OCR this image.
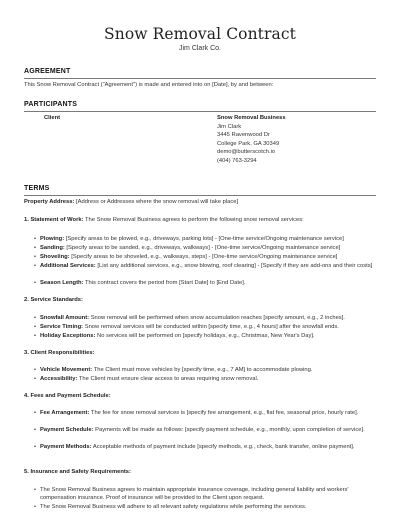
Snow Removal Contract
Jim Clark Co.
AGREEMENT
This Snow Removal Contract ("Agreement") is made and entered into on [Date], by and between:
PARTICIPANTS
Client	Snow Removal Business
Jim Clark
3445 Ravenwood Dr
College Park, GA 30349
demo@butterscotch.io
(404) 763-3294
TERMS
Property Address: [Address or Addresses where the snow removal will take place]
1. Statement of Work: The Snow Removal Business agrees to perform the following snow removal services:
• Plowing: [Specify areas to be plowed, e.g., driveways, parking lots] - [One-time service/Ongoing maintenance service]
• Sanding: [Specify areas to be sanded, e.g., driveways, walkways] - [One-time service/Ongoing maintenance service]
• Shoveling: [Specify areas to be shoveled, e.g., walkways, steps] - [One-time service/Ongoing maintenance service]
• Additional Services: [List any additional services, e.g., snow blowing, roof clearing] - [Specify if they are add-ons and their costs]
• Season Length: This contract covers the period from [Start Date] to [End Date].
2. Service Standards:
• Snowfall Amount: Snow removal will be performed when snow accumulation reaches [specify amount, e.g., 2 inches].
• Service Timing: Snow removal services will be conducted within [specify time, e.g., 4 hours] after the snowfall ends.
• Holiday Exceptions: No services will be performed on [specify holidays, e.g., Christmas, New Year's Day].
3. Client Responsibilities:
• Vehicle Movement: The Client must move vehicles by [specify time, e.g., 7 AM] to accommodate plowing.
• Accessibility: The Client must ensure clear access to areas requiring snow removal.
4. Fees and Payment Schedule:
• Fee Arrangement: The fee for snow removal services is [specify fee arrangement, e.g., flat fee, seasonal price, hourly rate].
• Payment Schedule: Payments will be made as follows: [specify payment schedule, e.g., monthly, upon completion of service].
• Payment Methods: Acceptable methods of payment include [specify methods, e.g., check, bank transfer, online payment].
5. Insurance and Safety Requirements:
• The Snow Removal Business agrees to maintain appropriate insurance coverage, including general liability and workers' compensation insurance. Proof of insurance will be provided to the Client upon request.
• The Snow Removal Business will adhere to all relevant safety regulations while performing the services.
